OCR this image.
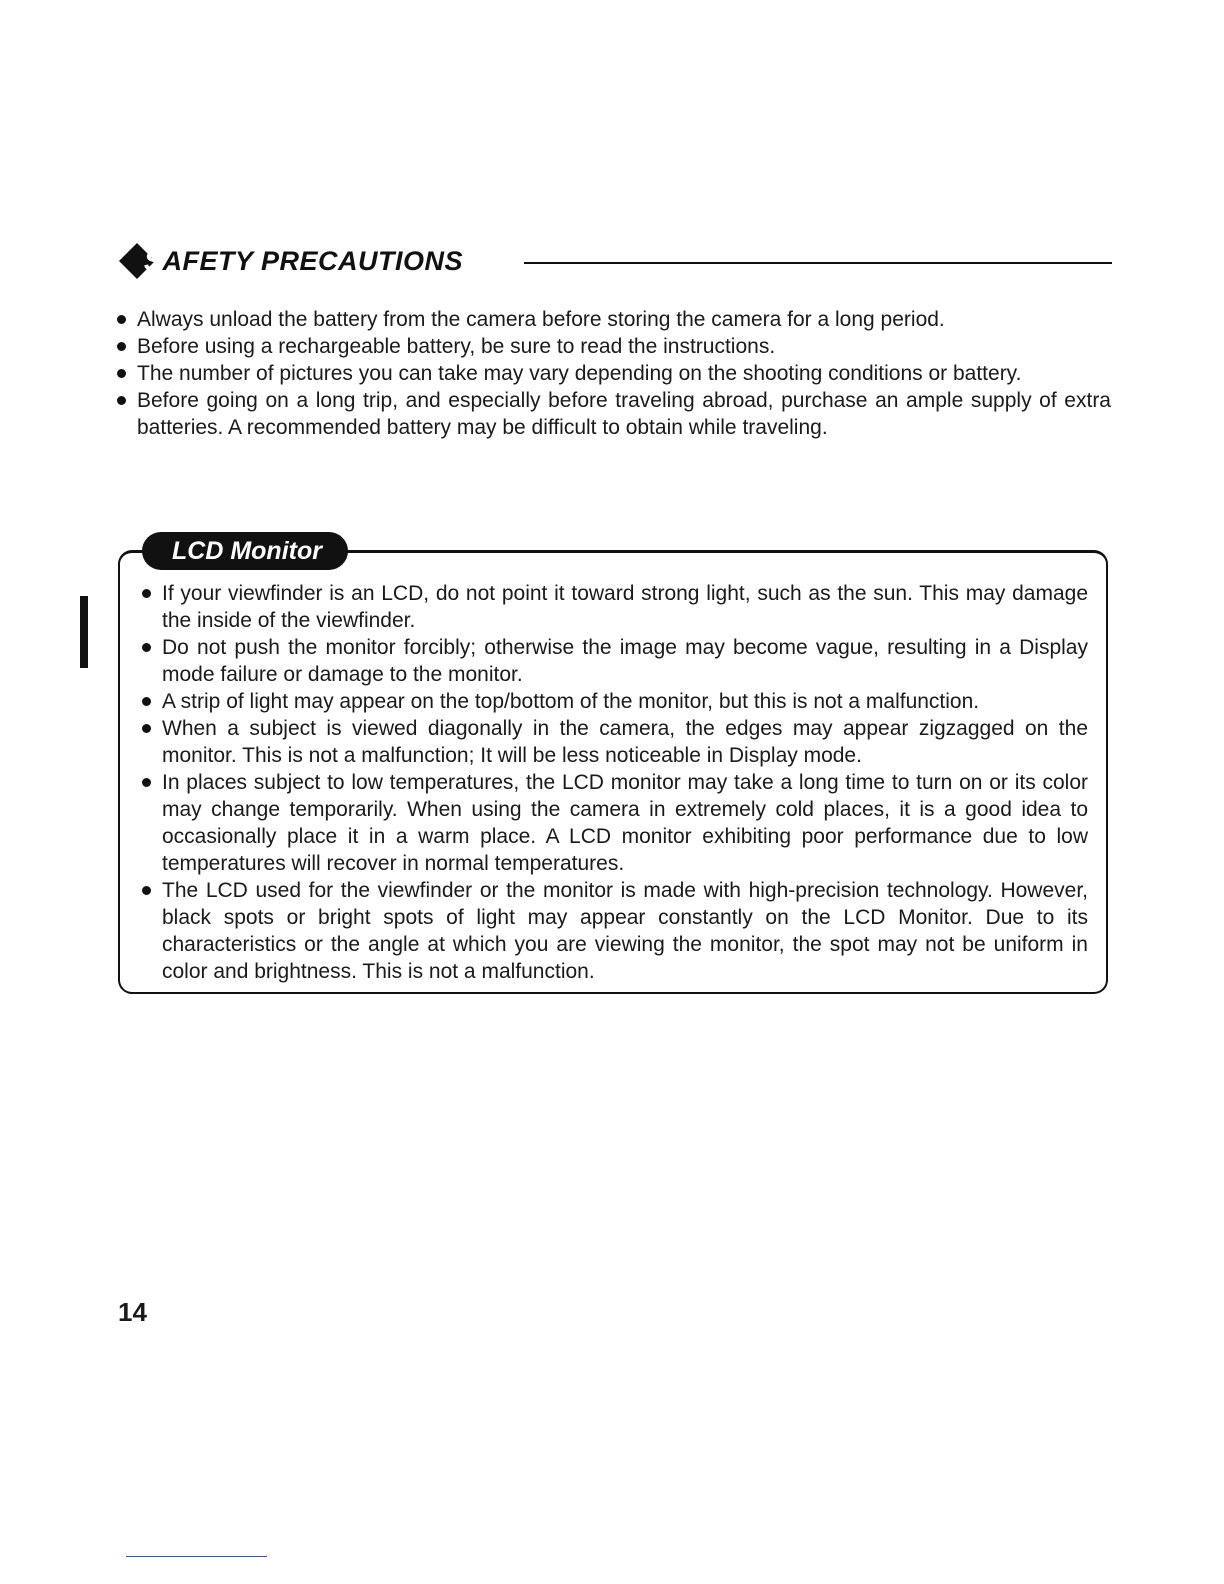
SAFETY PRECAUTIONS
Always unload the battery from the camera before storing the camera for a long period.
Before using a rechargeable battery, be sure to read the instructions.
The number of pictures you can take may vary depending on the shooting conditions or battery.
Before going on a long trip, and especially before traveling abroad, purchase an ample supply of extra batteries. A recommended battery may be difficult to obtain while traveling.
LCD Monitor
If your viewfinder is an LCD, do not point it toward strong light, such as the sun. This may damage the inside of the viewfinder.
Do not push the monitor forcibly; otherwise the image may become vague, resulting in a Display mode failure or damage to the monitor.
A strip of light may appear on the top/bottom of the monitor, but this is not a malfunction.
When a subject is viewed diagonally in the camera, the edges may appear zigzagged on the monitor. This is not a malfunction; It will be less noticeable in Display mode.
In places subject to low temperatures, the LCD monitor may take a long time to turn on or its color may change temporarily. When using the camera in extremely cold places, it is a good idea to occasionally place it in a warm place. A LCD monitor exhibiting poor performance due to low temperatures will recover in normal temperatures.
The LCD used for the viewfinder or the monitor is made with high-precision technology. However, black spots or bright spots of light may appear constantly on the LCD Monitor. Due to its characteristics or the angle at which you are viewing the monitor, the spot may not be uniform in color and brightness. This is not a malfunction.
14
